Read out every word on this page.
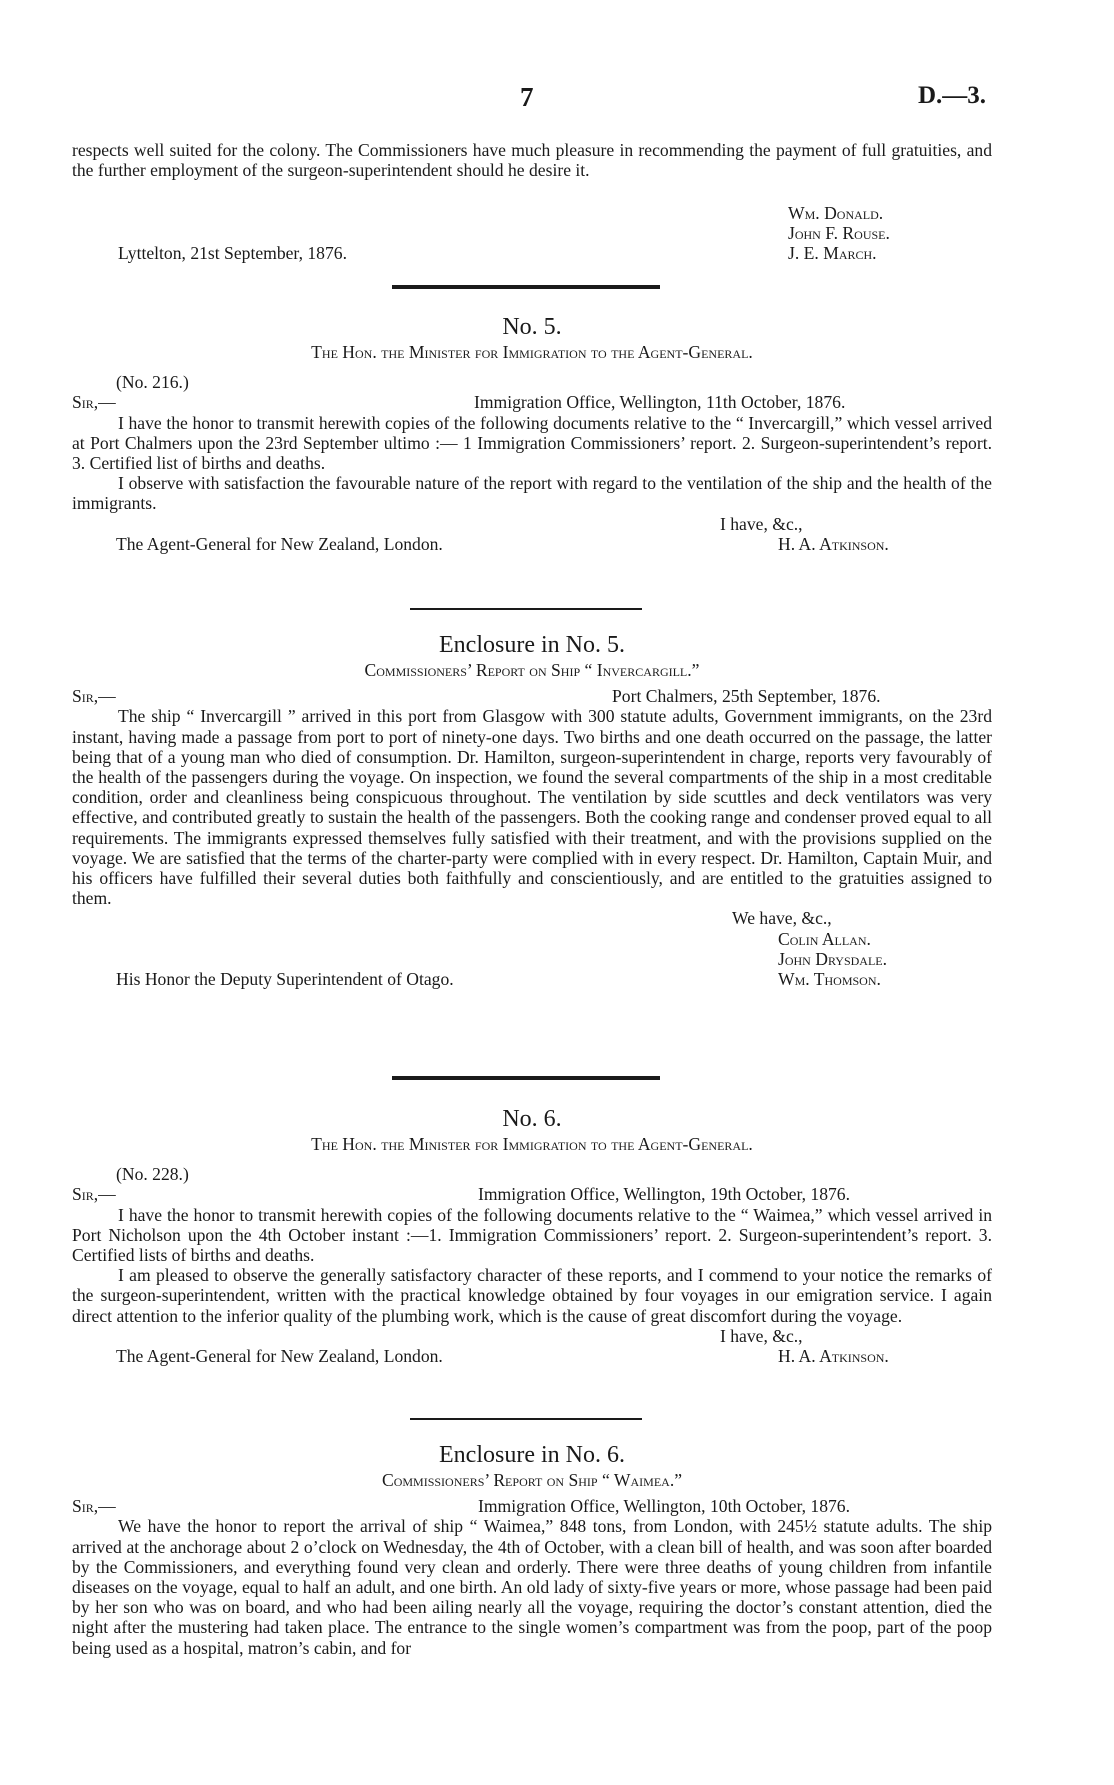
7	D.—3.

respects well suited for the colony. The Commissioners have much pleasure in recommending the payment of full gratuities, and the further employment of the surgeon-superintendent should he desire it.

Wm. Donald.
John F. Rouse.
J. E. March.
Lyttelton, 21st September, 1876.

No. 5.

The Hon. the Minister for Immigration to the Agent-General.

(No. 216.)
Sir,—	Immigration Office, Wellington, 11th October, 1876.

I have the honor to transmit herewith copies of the following documents relative to the “ Invercargill,” which vessel arrived at Port Chalmers upon the 23rd September ultimo :— 1 Immigration Commissioners’ report. 2. Surgeon-superintendent’s report. 3. Certified list of births and deaths.

I observe with satisfaction the favourable nature of the report with regard to the ventilation of the ship and the health of the immigrants.

I have, &c.,
The Agent-General for New Zealand, London.	H. A. Atkinson.

Enclosure in No. 5.

Commissioners’ Report on Ship “ Invercargill.”

Sir,—	Port Chalmers, 25th September, 1876.

The ship “ Invercargill ” arrived in this port from Glasgow with 300 statute adults, Government immigrants, on the 23rd instant, having made a passage from port to port of ninety-one days. Two births and one death occurred on the passage, the latter being that of a young man who died of consumption. Dr. Hamilton, surgeon-superintendent in charge, reports very favourably of the health of the passengers during the voyage. On inspection, we found the several compartments of the ship in a most creditable condition, order and cleanliness being conspicuous throughout. The ventilation by side scuttles and deck ventilators was very effective, and contributed greatly to sustain the health of the passengers. Both the cooking range and condenser proved equal to all requirements. The immigrants expressed themselves fully satisfied with their treatment, and with the provisions supplied on the voyage. We are satisfied that the terms of the charter-party were complied with in every respect. Dr. Hamilton, Captain Muir, and his officers have fulfilled their several duties both faithfully and conscientiously, and are entitled to the gratuities assigned to them.

We have, &c.,
Colin Allan.
John Drysdale.
His Honor the Deputy Superintendent of Otago.	Wm. Thomson.

No. 6.

The Hon. the Minister for Immigration to the Agent-General.

(No. 228.)
Sir,—	Immigration Office, Wellington, 19th October, 1876.

I have the honor to transmit herewith copies of the following documents relative to the “ Waimea,” which vessel arrived in Port Nicholson upon the 4th October instant :—1. Immigration Commissioners’ report. 2. Surgeon-superintendent’s report. 3. Certified lists of births and deaths.

I am pleased to observe the generally satisfactory character of these reports, and I commend to your notice the remarks of the surgeon-superintendent, written with the practical knowledge obtained by four voyages in our emigration service. I again direct attention to the inferior quality of the plumbing work, which is the cause of great discomfort during the voyage.

I have, &c.,
The Agent-General for New Zealand, London.	H. A. Atkinson.

Enclosure in No. 6.

Commissioners’ Report on Ship “ Waimea.”

Sir,—	Immigration Office, Wellington, 10th October, 1876.

We have the honor to report the arrival of ship “ Waimea,” 848 tons, from London, with 245½ statute adults. The ship arrived at the anchorage about 2 o’clock on Wednesday, the 4th of October, with a clean bill of health, and was soon after boarded by the Commissioners, and everything found very clean and orderly. There were three deaths of young children from infantile diseases on the voyage, equal to half an adult, and one birth. An old lady of sixty-five years or more, whose passage had been paid by her son who was on board, and who had been ailing nearly all the voyage, requiring the doctor’s constant attention, died the night after the mustering had taken place. The entrance to the single women’s compartment was from the poop, part of the poop being used as a hospital, matron’s cabin, and for
